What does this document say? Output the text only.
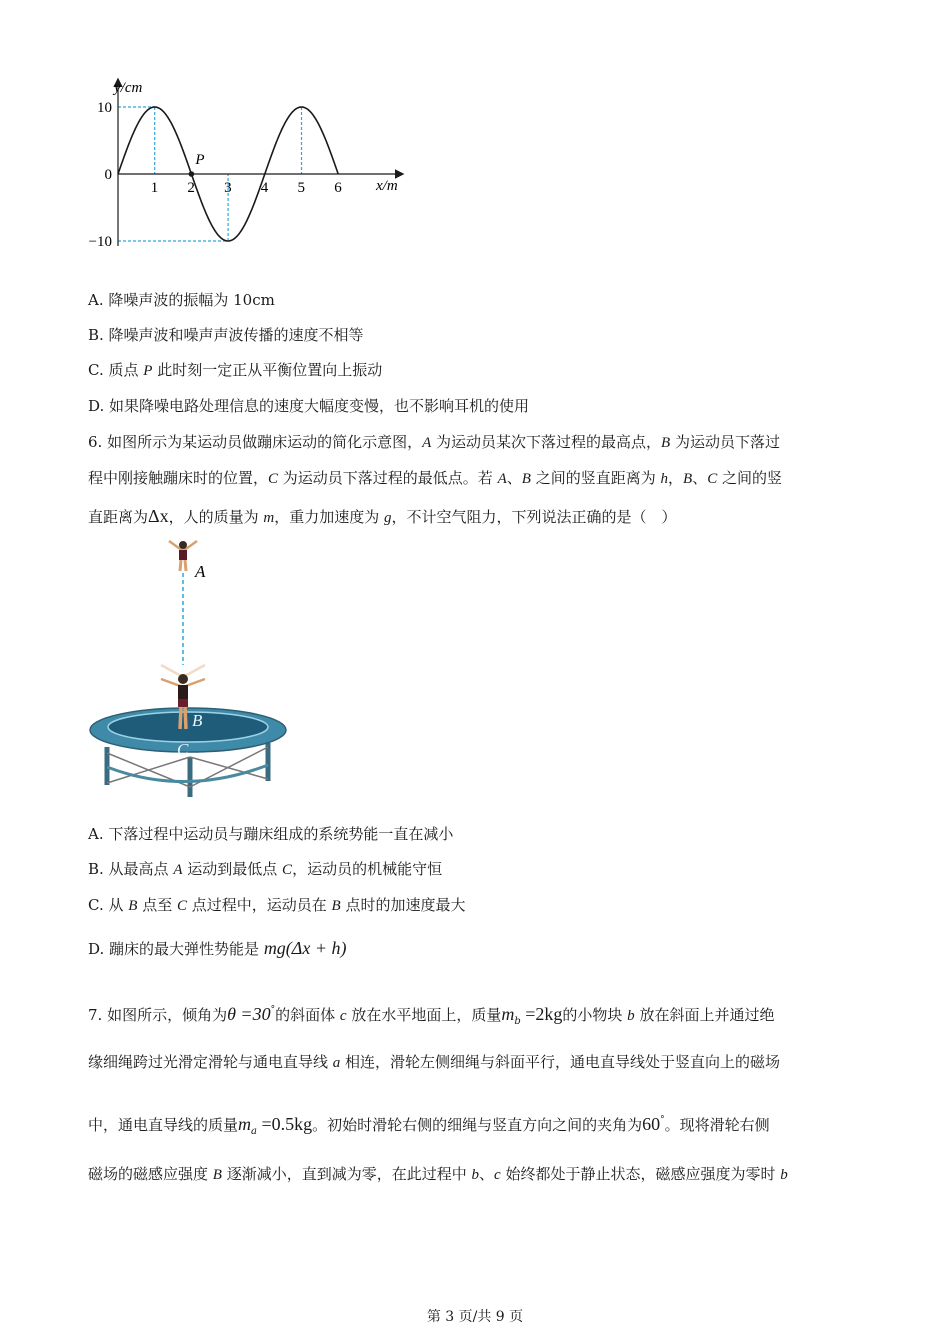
1 2 3 4 5 6
10
0
−10
y/cm
x/m
P
A. 降噪声波的振幅为 10cm
B. 降噪声波和噪声声波传播的速度不相等
C. 质点 P 此时刻一定正从平衡位置向上振动
D. 如果降噪电路处理信息的速度大幅度变慢，也不影响耳机的使用
6. 如图所示为某运动员做蹦床运动的简化示意图，A 为运动员某次下落过程的最高点，B 为运动员下落过
程中刚接触蹦床时的位置，C 为运动员下落过程的最低点。若 A、B 之间的竖直距离为 h，B、C 之间的竖
直距离为Δx，人的质量为 m，重力加速度为 g，不计空气阻力，下列说法正确的是（　）
A
B
C
A. 下落过程中运动员与蹦床组成的系统势能一直在减小
B. 从最高点 A 运动到最低点 C，运动员的机械能守恒
C. 从 B 点至 C 点过程中，运动员在 B 点时的加速度最大
D. 蹦床的最大弹性势能是 mg(Δx + h)
7. 如图所示，倾角为θ =30°的斜面体 c 放在水平地面上，质量$m_b =2kg$的小物块 b 放在斜面上并通过绝
缘细绳跨过光滑定滑轮与通电直导线 a 相连，滑轮左侧细绳与斜面平行，通电直导线处于竖直向上的磁场
中，通电直导线的质量$m_a =0.5kg$。初始时滑轮右侧的细绳与竖直方向之间的夹角为60°。现将滑轮右侧
磁场的磁感应强度 B 逐渐减小，直到减为零，在此过程中 b、c 始终都处于静止状态，磁感应强度为零时 b
第 3 页/共 9 页
